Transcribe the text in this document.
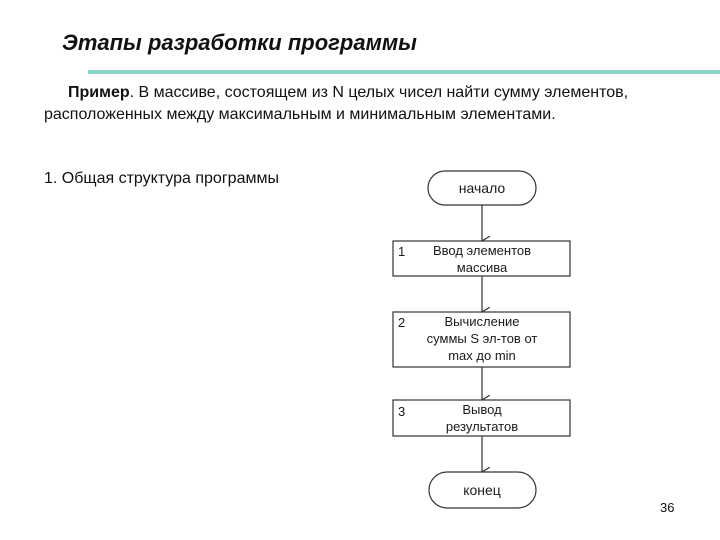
Этапы разработки программы
Пример. В массиве, состоящем из N целых чисел найти сумму элементов, расположенных между максимальным и минимальным элементами.
1. Общая структура программы
начало
1 Ввод элементов
массива
2	Вычисление
суммы S эл-тов от
max до min
3	Вывод
результатов
конец
36
